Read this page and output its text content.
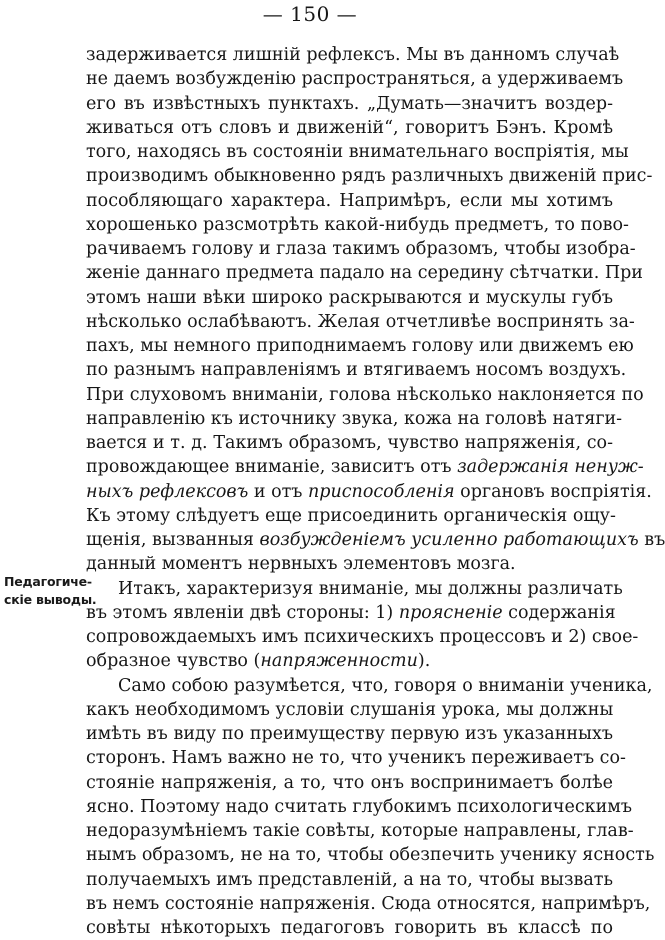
— 150 —
Педагогиче-
скіе выводы.
задерживается лишній рефлексъ. Мы въ данномъ случаѣ
не даемъ возбужденію распространяться, а удерживаемъ
его въ извѣстныхъ пунктахъ. „Думать—значитъ воздер-
живаться отъ словъ и движеній“, говоритъ Бэнъ. Кромѣ
того, находясь въ состояніи внимательнаго воспріятія, мы
производимъ обыкновенно рядъ различныхъ движеній прис-
пособляющаго характера. Напримѣръ, если мы хотимъ
хорошенько разсмотрѣть какой-нибудь предметъ, то пово-
рачиваемъ голову и глаза такимъ образомъ, чтобы изобра-
женіе даннаго предмета падало на середину сѣтчатки. При
этомъ наши вѣки широко раскрываются и мускулы губъ
нѣсколько ослабѣваютъ. Желая отчетливѣе воспринять за-
пахъ, мы немного приподнимаемъ голову или движемъ ею
по разнымъ направленіямъ и втягиваемъ носомъ воздухъ.
При слуховомъ вниманіи, голова нѣсколько наклоняется по
направленію къ источнику звука, кожа на головѣ натяги-
вается и т. д. Такимъ образомъ, чувство напряженія, со-
провождающее вниманіе, зависитъ отъ задержанія ненуж-
ныхъ рефлексовъ и отъ приспособленія органовъ воспріятія.
Къ этому слѣдуетъ еще присоединить органическія ощу-
щенія, вызванныя возбужденіемъ усиленно работающихъ въ
данный моментъ нервныхъ элементовъ мозга.
Итакъ, характеризуя вниманіе, мы должны различать
въ этомъ явленіи двѣ стороны: 1) проясненіе содержанія
сопровождаемыхъ имъ психическихъ процессовъ и 2) свое-
образное чувство (напряженности).
Само собою разумѣется, что, говоря о вниманіи ученика,
какъ необходимомъ условіи слушанія урока, мы должны
имѣть въ виду по преимуществу первую изъ указанныхъ
сторонъ. Намъ важно не то, что ученикъ переживаетъ со-
стояніе напряженія, а то, что онъ воспринимаетъ болѣе
ясно. Поэтому надо считать глубокимъ психологическимъ
недоразумѣніемъ такіе совѣты, которые направлены, глав-
нымъ образомъ, не на то, чтобы обезпечить ученику ясность
получаемыхъ имъ представленій, а на то, чтобы вызвать
въ немъ состояніе напряженія. Сюда относятся, напримѣръ,
совѣты нѣкоторыхъ педагоговъ говорить въ классѣ по
